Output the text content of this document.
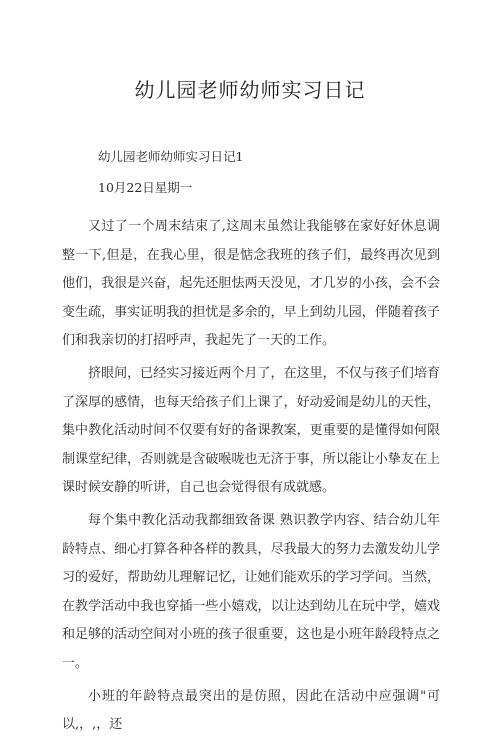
幼儿园老师幼师实习日记

幼儿园老师幼师实习日记1

10月22日星期一

又过了一个周末结束了,这周末虽然让我能够在家好好休息调整一下,但是，在我心里，很是惦念我班的孩子们，最终再次见到他们，我很是兴奋，起先还胆怯两天没见，才几岁的小孩，会不会变生疏，事实证明我的担忧是多余的，早上到幼儿园，伴随着孩子们和我亲切的打招呼声，我起先了一天的工作。

挤眼间，已经实习接近两个月了，在这里，不仅与孩子们培育了深厚的感情，也每天给孩子们上课了，好动爱闹是幼儿的天性，集中教化活动时间不仅要有好的备课教案，更重要的是懂得如何限制课堂纪律，否则就是含破喉咙也无济于事，所以能让小挚友在上课时候安静的听讲，自己也会觉得很有成就感。

每个集中教化活动我都细致备课 熟识教学内容、结合幼儿年龄特点、细心打算各种各样的教具，尽我最大的努力去激发幼儿学习的爱好，帮助幼儿理解记忆，让她们能欢乐的学习学问。当然，在教学活动中我也穿插一些小嬉戏，以让达到幼儿在玩中学，嬉戏和足够的活动空间对小班的孩子很重要，这也是小班年龄段特点之一。

小班的年龄特点最突出的是仿照，因此在活动中应强调"可以,，,，还
